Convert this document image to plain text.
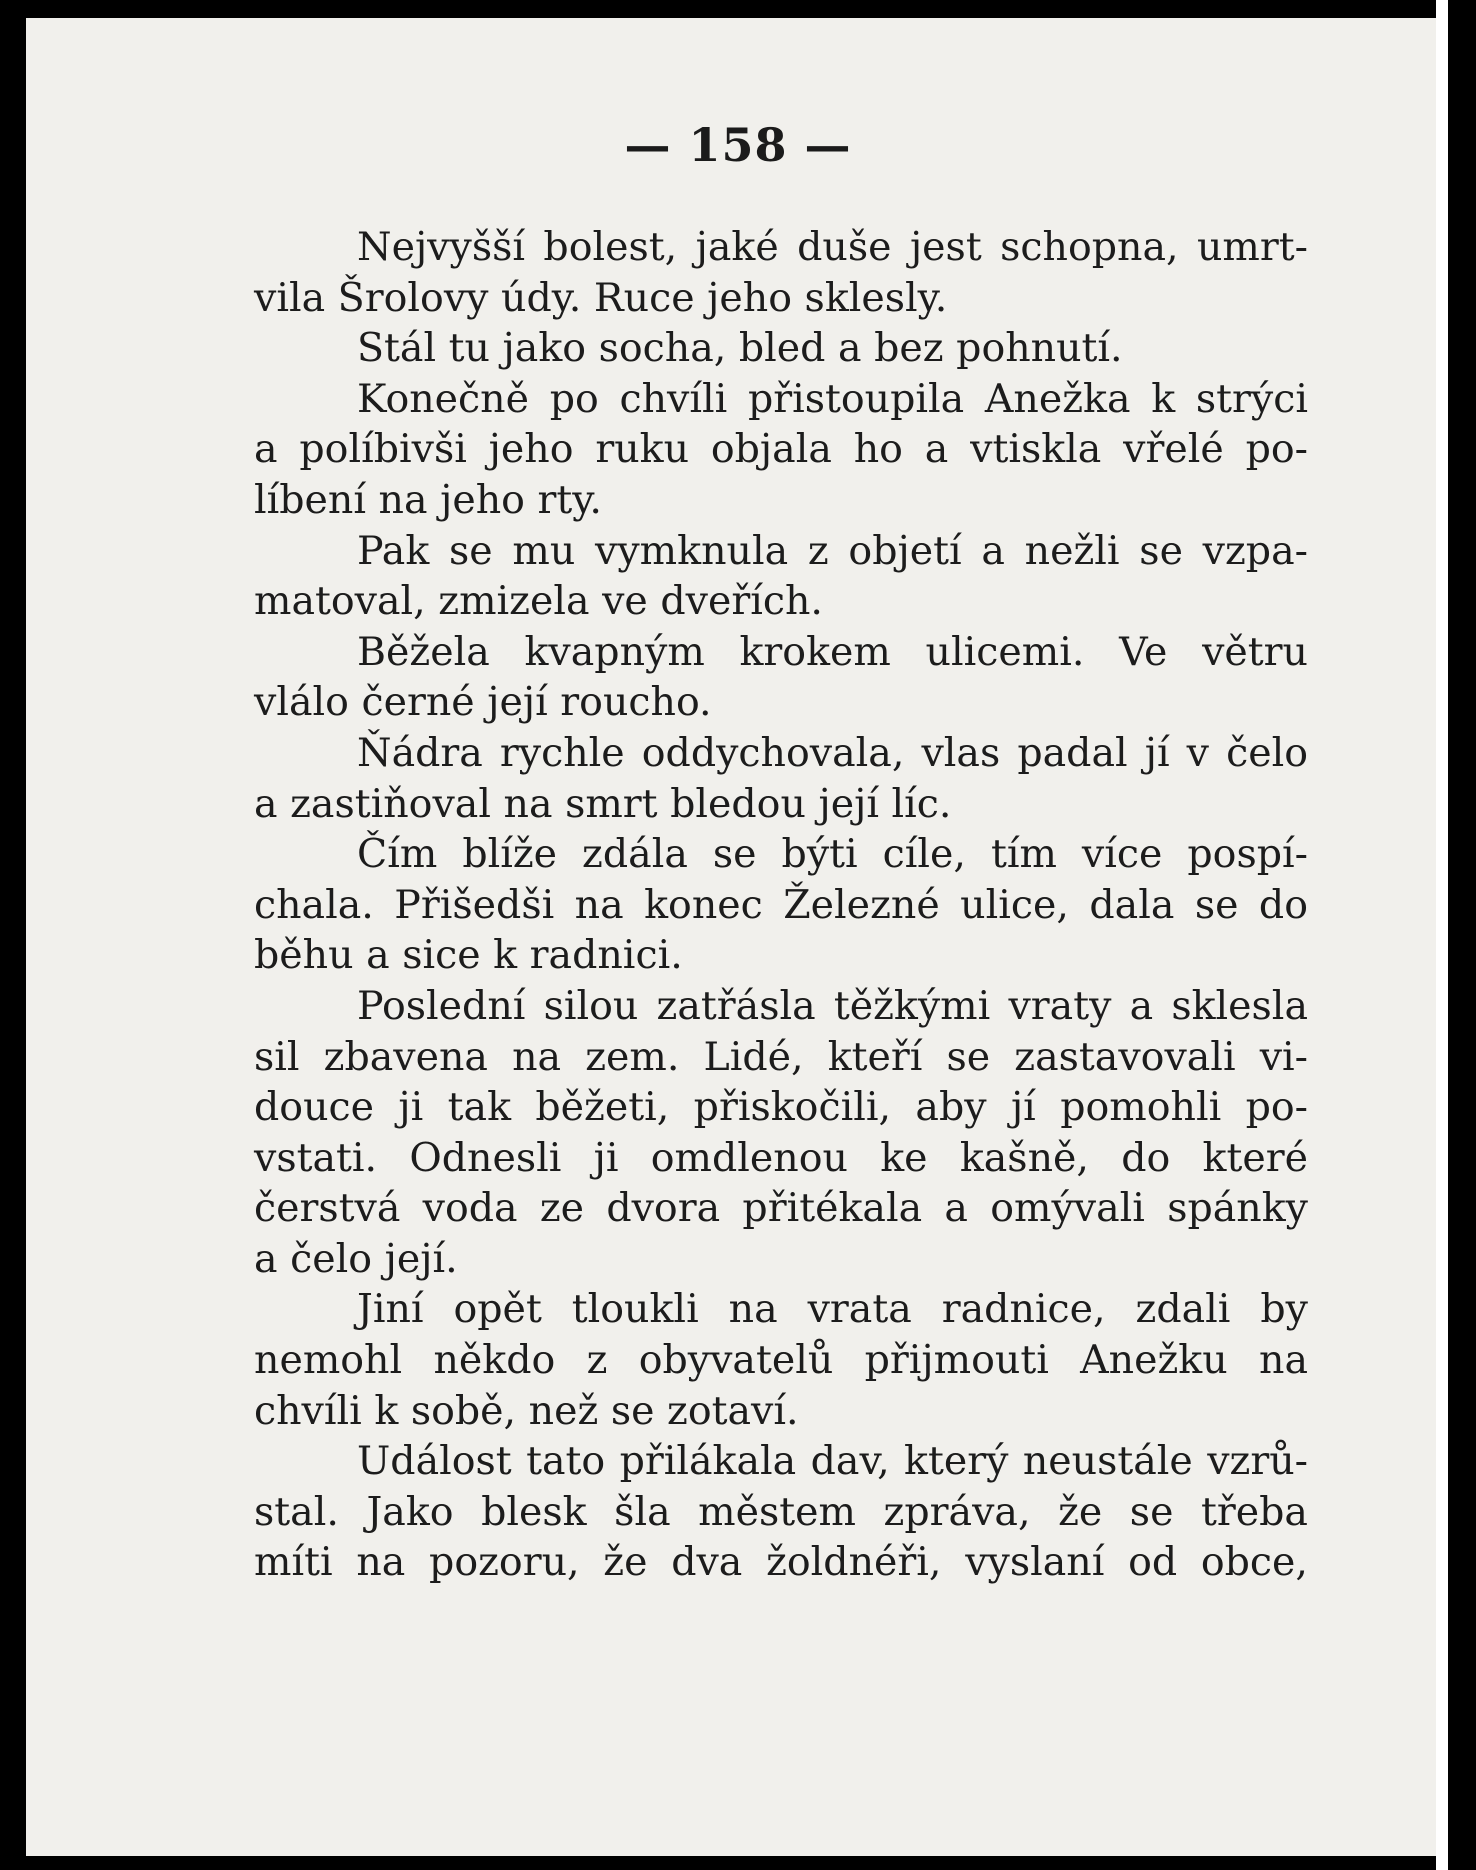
— 158 —
Nejvyšší bolest, jaké duše jest schopna, umrt-
vila Šrolovy údy. Ruce jeho sklesly.
Stál tu jako socha, bled a bez pohnutí.
Konečně po chvíli přistoupila Anežka k strýci
a políbivši jeho ruku objala ho a vtiskla vřelé po-
líbení na jeho rty.
Pak se mu vymknula z objetí a nežli se vzpa-
matoval, zmizela ve dveřích.
Běžela kvapným krokem ulicemi. Ve větru
vlálo černé její roucho.
Ňádra rychle oddychovala, vlas padal jí v čelo
a zastiňoval na smrt bledou její líc.
Čím blíže zdála se býti cíle, tím více pospí-
chala. Přišedši na konec Železné ulice, dala se do
běhu a sice k radnici.
Poslední silou zatřásla těžkými vraty a sklesla
sil zbavena na zem. Lidé, kteří se zastavovali vi-
douce ji tak běžeti, přiskočili, aby jí pomohli po-
vstati. Odnesli ji omdlenou ke kašně, do které
čerstvá voda ze dvora přitékala a omývali spánky
a čelo její.
Jiní opět tloukli na vrata radnice, zdali by
nemohl někdo z obyvatelů přijmouti Anežku na
chvíli k sobě, než se zotaví.
Událost tato přilákala dav, který neustále vzrů-
stal. Jako blesk šla městem zpráva, že se třeba
míti na pozoru, že dva žoldnéři, vyslaní od obce,
